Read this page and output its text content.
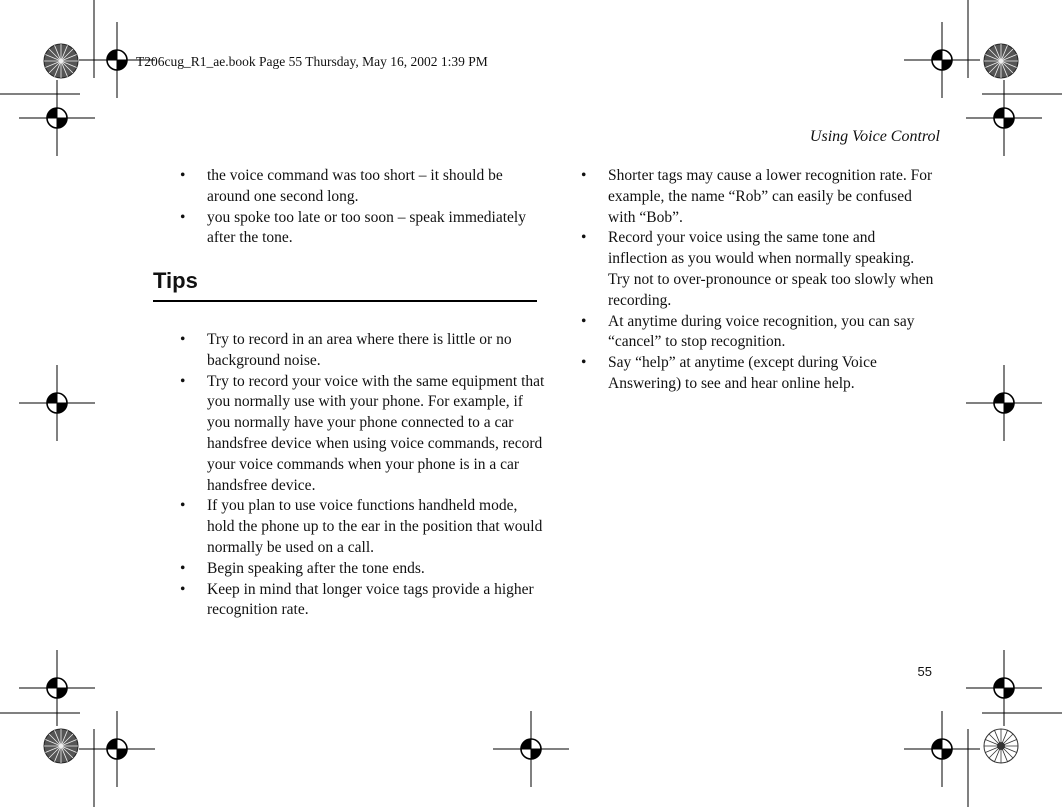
T206cug_R1_ae.book Page 55 Thursday, May 16, 2002 1:39 PM
Using Voice Control
• the voice command was too short – it should be around one second long.
• you spoke too late or too soon – speak immediately after the tone.
Tips
• Try to record in an area where there is little or no background noise.
• Try to record your voice with the same equipment that you normally use with your phone. For example, if you normally have your phone connected to a car handsfree device when using voice commands, record your voice commands when your phone is in a car handsfree device.
• If you plan to use voice functions handheld mode, hold the phone up to the ear in the position that would normally be used on a call.
• Begin speaking after the tone ends.
• Keep in mind that longer voice tags provide a higher recognition rate.
• Shorter tags may cause a lower recognition rate. For example, the name “Rob” can easily be confused with “Bob”.
• Record your voice using the same tone and inflection as you would when normally speaking. Try not to over-pronounce or speak too slowly when recording.
• At anytime during voice recognition, you can say “cancel” to stop recognition.
• Say “help” at anytime (except during Voice Answering) to see and hear online help.
55
